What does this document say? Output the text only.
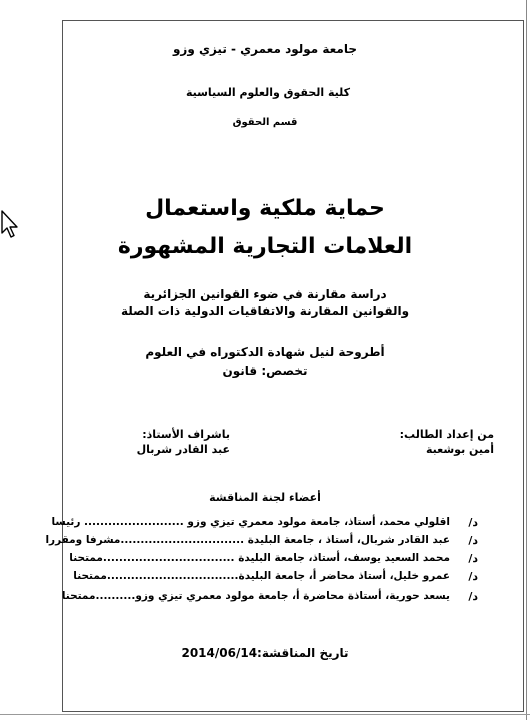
جامعة مولود معمري - تيزي وزو
كلية الحقوق والعلوم السياسية
قسم الحقوق
حماية ملكية واستعمال
العلامات التجارية المشهورة
دراسة مقارنة في ضوء القوانين الجزائرية
والقوانين المقارنة والاتفاقيات الدولية ذات الصلة
أطروحة لنيل شهادة الدكتوراه في العلوم
تخصص: قانون
من إعداد الطالب:
أمين بوشعبة
باشراف الأستاذ:
عبد القادر شربال
أعضاء لجنة المناقشة
د/
اقلولي محمد، أستاذ، جامعة مولود معمري تيزي وزو ......................... رئيسا
د/
عبد القادر شربال، أستاذ ، جامعة البليدة ...............................مشرفا ومقررا
د/
محمد السعيد يوسف، أستاذ، جامعة البليدة .................................ممتحنا
د/
عمرو خليل، أستاذ محاضر أ، جامعة البليدة.................................ممتحنا
د/
يسعد حورية، أستاذة محاضرة أ، جامعة مولود معمري تيزي وزو..........ممتحنا
تاريخ المناقشة:2014/06/14
